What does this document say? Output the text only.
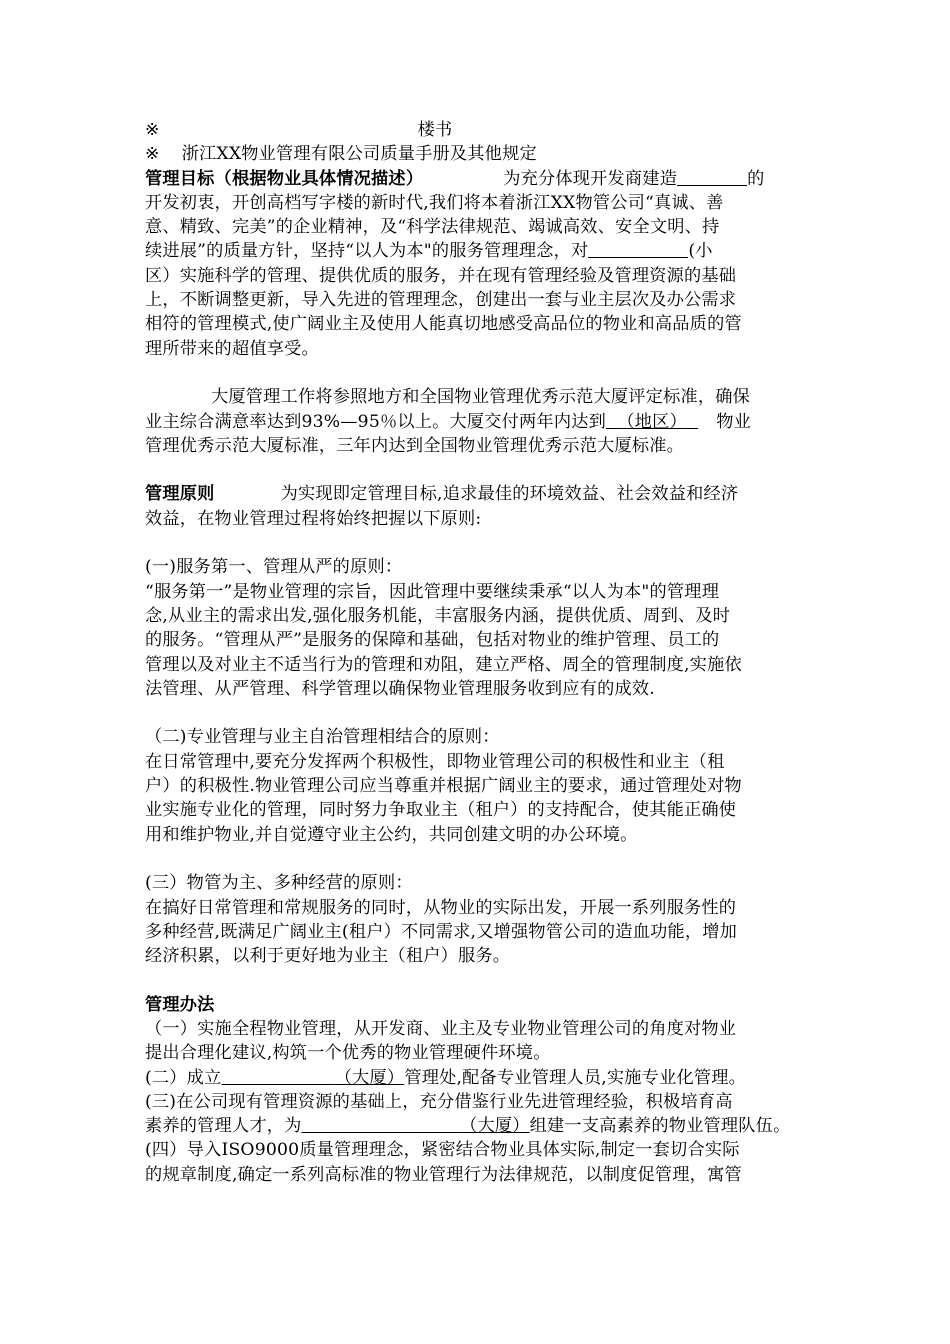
※	楼书
※ 浙江XX物业管理有限公司质量手册及其他规定
管理目标（根据物业具体情况描述）	为充分体现开发商建造	的
开发初衷，开创高档写字楼的新时代,我们将本着浙江XX物管公司“真诚、善
意、精致、完美”的企业精神，及“科学法律规范、竭诚高效、安全文明、持
续进展”的质量方针，坚持“以人为本"的服务管理理念，对	(小
区）实施科学的管理、提供优质的服务，并在现有管理经验及管理资源的基础
上，不断调整更新，导入先进的管理理念，创建出一套与业主层次及办公需求
相符的管理模式,使广阔业主及使用人能真切地感受高品位的物业和高品质的管
理所带来的超值享受。
大厦管理工作将参照地方和全国物业管理优秀示范大厦评定标准，确保
业主综合满意率达到93%—95％以上。大厦交付两年内达到 （地区） 物业
管理优秀示范大厦标准，三年内达到全国物业管理优秀示范大厦标准。
管理原则	为实现即定管理目标,追求最佳的环境效益、社会效益和经济
效益，在物业管理过程将始终把握以下原则:
(一)服务第一、管理从严的原则：
“服务第一”是物业管理的宗旨，因此管理中要继续秉承“以人为本"的管理理
念,从业主的需求出发,强化服务机能，丰富服务内涵，提供优质、周到、及时
的服务。“管理从严”是服务的保障和基础，包括对物业的维护管理、员工的
管理以及对业主不适当行为的管理和劝阻，建立严格、周全的管理制度,实施依
法管理、从严管理、科学管理以确保物业管理服务收到应有的成效.
（二)专业管理与业主自治管理相结合的原则：
在日常管理中,要充分发挥两个积极性，即物业管理公司的积极性和业主（租
户）的积极性.物业管理公司应当尊重并根据广阔业主的要求，通过管理处对物
业实施专业化的管理，同时努力争取业主（租户）的支持配合，使其能正确使
用和维护物业,并自觉遵守业主公约，共同创建文明的办公环境。
(三）物管为主、多种经营的原则：
在搞好日常管理和常规服务的同时，从物业的实际出发，开展一系列服务性的
多种经营,既满足广阔业主(租户）不同需求,又增强物管公司的造血功能，增加
经济积累，以利于更好地为业主（租户）服务。
管理办法
（一）实施全程物业管理，从开发商、业主及专业物业管理公司的角度对物业
提出合理化建议,构筑一个优秀的物业管理硬件环境。
(二）成立	（大厦）管理处,配备专业管理人员,实施专业化管理。
(三)在公司现有管理资源的基础上，充分借鉴行业先进管理经验，积极培育高
素养的管理人才，为	（大厦）组建一支高素养的物业管理队伍。
(四）导入ISO9000质量管理理念，紧密结合物业具体实际,制定一套切合实际
的规章制度,确定一系列高标准的物业管理行为法律规范，以制度促管理，寓管
